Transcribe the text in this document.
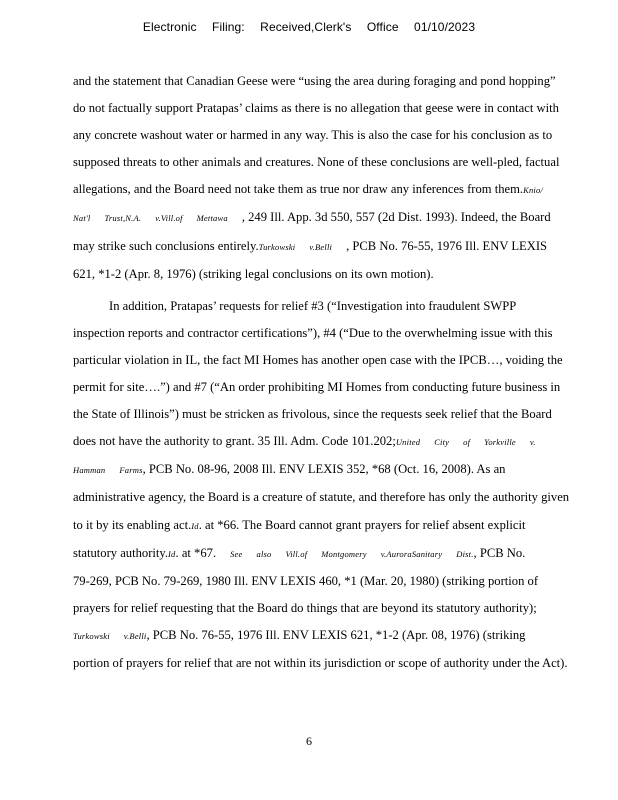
Electronic Filing: Received,Clerk's Office 01/10/2023

and the statement that Canadian Geese were “using the area during foraging and pond hopping”

do not factually support Pratapas’ claims as there is no allegation that geese were in contact with

any concrete washout water or harmed in any way. This is also the case for his conclusion as to

supposed threats to other animals and creatures. None of these conclusions are well-pled, factual

allegations, and the Board need not take them as true nor draw any inferences from them.Knio/

Nat'l Trust,N.A. v.Vill.of Mettawa , 249 Ill. App. 3d 550, 557 (2d Dist. 1993). Indeed, the Board

may strike such conclusions entirely.Turkowski v.Belli , PCB No. 76-55, 1976 Ill. ENV LEXIS

621, *1-2 (Apr. 8, 1976) (striking legal conclusions on its own motion).

In addition, Pratapas’ requests for relief #3 (“Investigation into fraudulent SWPP

inspection reports and contractor certifications”), #4 (“Due to the overwhelming issue with this

particular violation in IL, the fact MI Homes has another open case with the IPCB…, voiding the

permit for site….”) and #7 (“An order prohibiting MI Homes from conducting future business in

the State of Illinois”) must be stricken as frivolous, since the requests seek relief that the Board

does not have the authority to grant. 35 Ill. Adm. Code 101.202;United City of Yorkville v.

Hamman Farms, PCB No. 08-96, 2008 Ill. ENV LEXIS 352, *68 (Oct. 16, 2008). As an

administrative agency, the Board is a creature of statute, and therefore has only the authority given

to it by its enabling act.Id. at *66. The Board cannot grant prayers for relief absent explicit

statutory authority.Id. at *67. See also Vill.of Montgomery v.AuroraSanitary Dist., PCB No.

79-269, PCB No. 79-269, 1980 Ill. ENV LEXIS 460, *1 (Mar. 20, 1980) (striking portion of

prayers for relief requesting that the Board do things that are beyond its statutory authority);

Turkowski v.Belli, PCB No. 76-55, 1976 Ill. ENV LEXIS 621, *1-2 (Apr. 08, 1976) (striking

portion of prayers for relief that are not within its jurisdiction or scope of authority under the Act).

6
